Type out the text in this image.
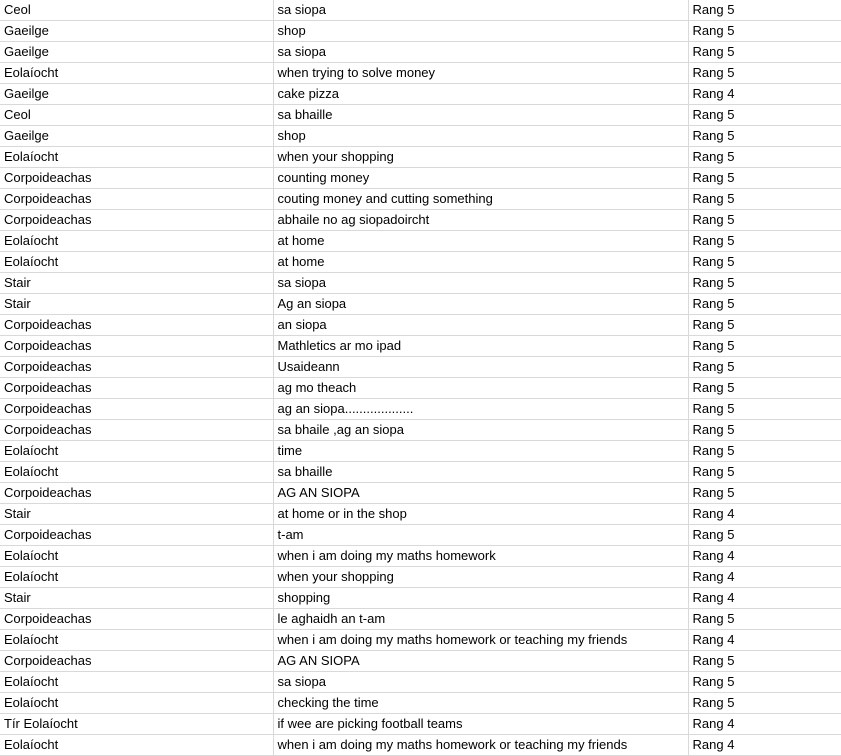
Ceol	sa siopa	Rang 5
Gaeilge	shop	Rang 5
Gaeilge	sa siopa	Rang 5
Eolaíocht	when trying to solve money	Rang 5
Gaeilge	cake pizza	Rang 4
Ceol	sa bhaille	Rang 5
Gaeilge	shop	Rang 5
Eolaíocht	when your shopping	Rang 5
Corpoideachas	counting money	Rang 5
Corpoideachas	couting money and cutting something	Rang 5
Corpoideachas	abhaile no ag siopadoircht	Rang 5
Eolaíocht	at home	Rang 5
Eolaíocht	at home	Rang 5
Stair	sa siopa	Rang 5
Stair	Ag an siopa	Rang 5
Corpoideachas	an siopa	Rang 5
Corpoideachas	Mathletics ar mo ipad	Rang 5
Corpoideachas	Usaideann	Rang 5
Corpoideachas	ag mo theach	Rang 5
Corpoideachas	ag an siopa...................	Rang 5
Corpoideachas	sa bhaile ,ag an siopa	Rang 5
Eolaíocht	time	Rang 5
Eolaíocht	sa bhaille	Rang 5
Corpoideachas	AG AN SIOPA	Rang 5
Stair	at home or in the shop	Rang 4
Corpoideachas	t-am	Rang 5
Eolaíocht	when i am doing my maths homework	Rang 4
Eolaíocht	when your shopping	Rang 4
Stair	shopping	Rang 4
Corpoideachas	le aghaidh an t-am	Rang 5
Eolaíocht	when i am doing my maths homework or teaching my friends	Rang 4
Corpoideachas	AG AN SIOPA	Rang 5
Eolaíocht	sa siopa	Rang 5
Eolaíocht	checking the time	Rang 5
Tír Eolaíocht	if wee are picking football teams	Rang 4
Eolaíocht	when i am doing my maths homework or teaching my friends	Rang 4
